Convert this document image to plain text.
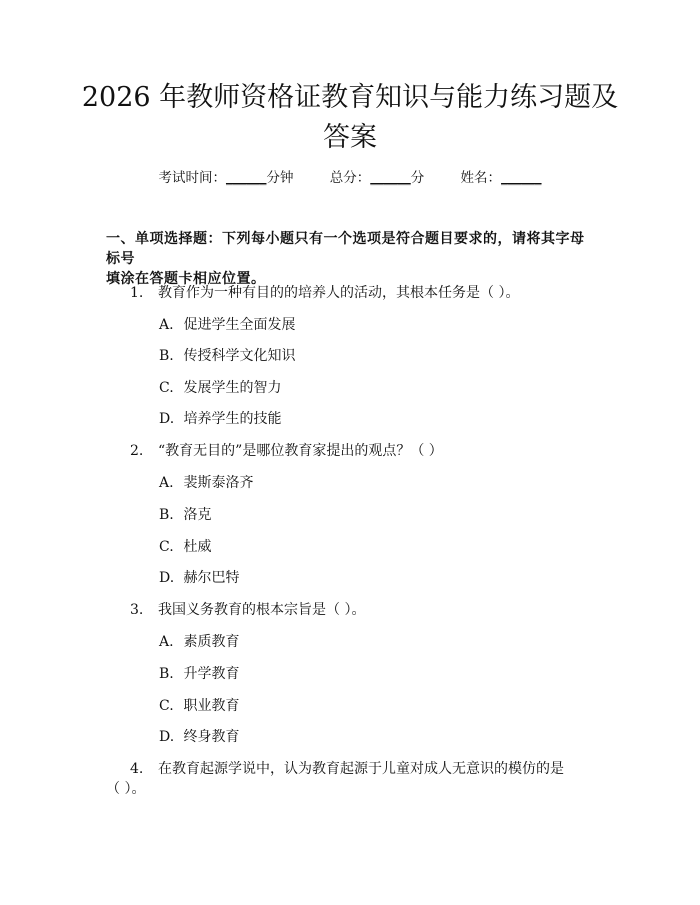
2026 年教师资格证教育知识与能力练习题及
答案
考试时间：______分钟	总分：______分	姓名：______

一、单项选择题：下列每小题只有一个选项是符合题目要求的，请将其字母标号
填涂在答题卡相应位置。

1. 教育作为一种有目的的培养人的活动，其根本任务是（ ）。
A. 促进学生全面发展
B. 传授科学文化知识
C. 发展学生的智力
D. 培养学生的技能
2. “教育无目的”是哪位教育家提出的观点？（ ）
A. 裴斯泰洛齐
B. 洛克
C. 杜威
D. 赫尔巴特
3. 我国义务教育的根本宗旨是（ ）。
A. 素质教育
B. 升学教育
C. 职业教育
D. 终身教育
4. 在教育起源学说中，认为教育起源于儿童对成人无意识的模仿的是
（ ）。
